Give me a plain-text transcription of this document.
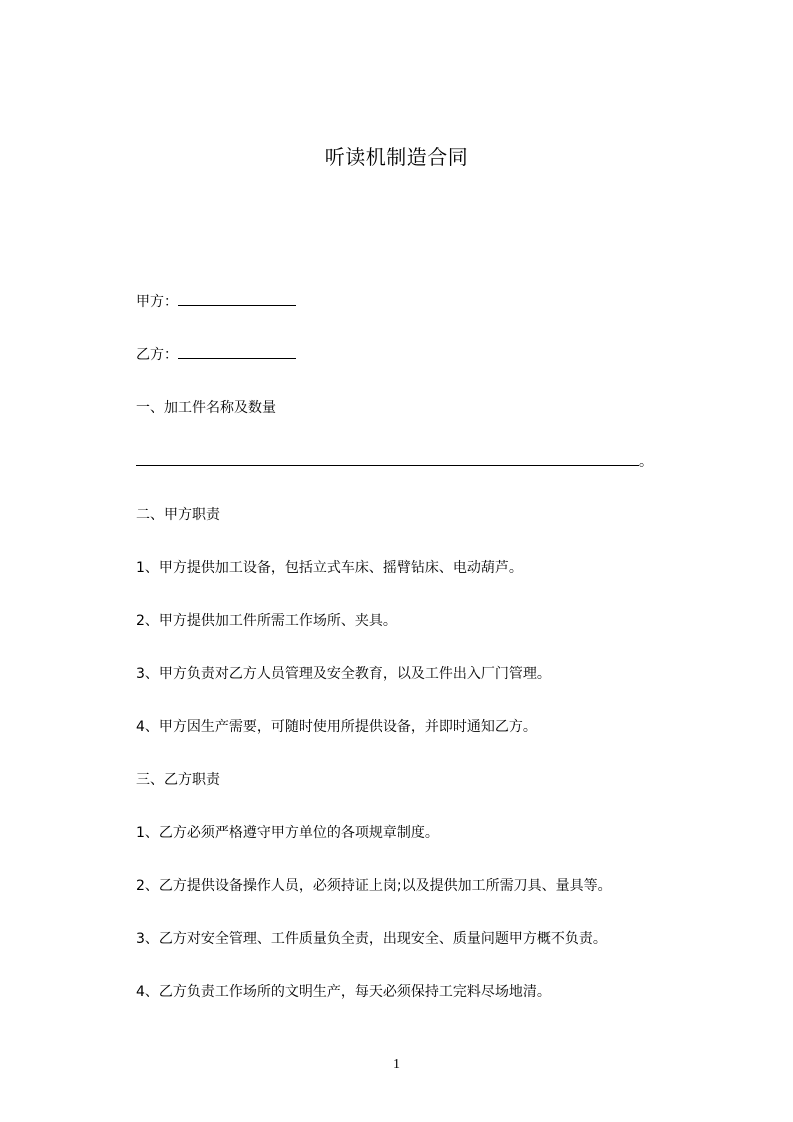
听读机制造合同
甲方：
乙方：
一、加工件名称及数量
。
二、甲方职责
1、甲方提供加工设备，包括立式车床、摇臂钻床、电动葫芦。
2、甲方提供加工件所需工作场所、夹具。
3、甲方负责对乙方人员管理及安全教育，以及工件出入厂门管理。
4、甲方因生产需要，可随时使用所提供设备，并即时通知乙方。
三、乙方职责
1、乙方必须严格遵守甲方单位的各项规章制度。
2、乙方提供设备操作人员，必须持证上岗;以及提供加工所需刀具、量具等。
3、乙方对安全管理、工件质量负全责，出现安全、质量问题甲方概不负责。
4、乙方负责工作场所的文明生产，每天必须保持工完料尽场地清。
1
